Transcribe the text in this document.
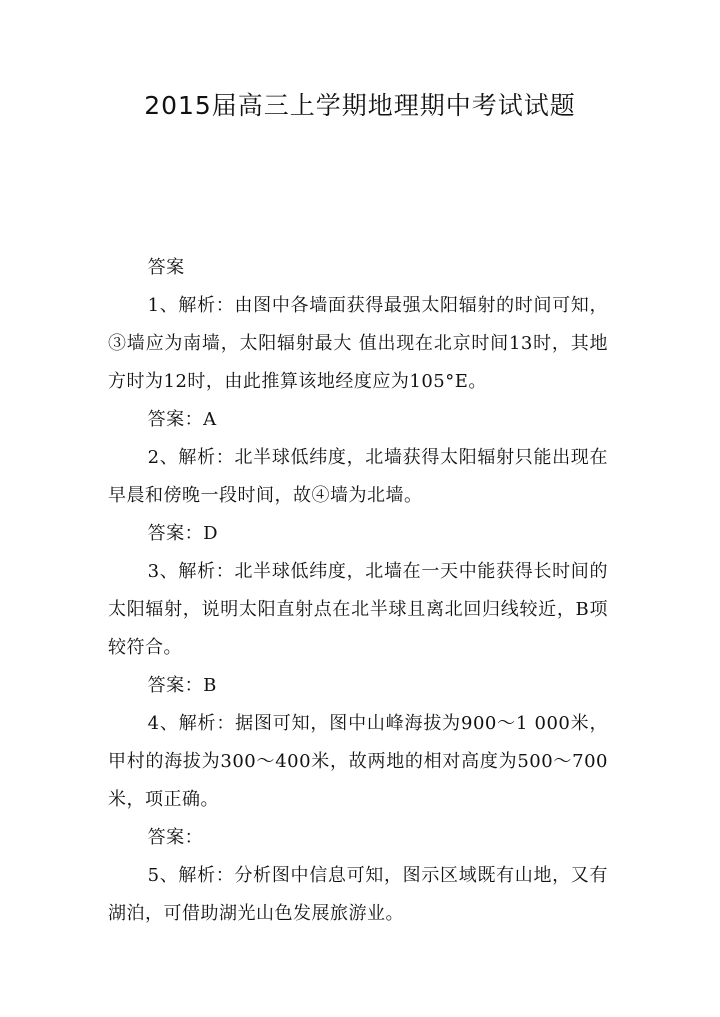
2015届高三上学期地理期中考试试题

答案

1、解析：由图中各墙面获得最强太阳辐射的时间可知，③墙应为南墙，太阳辐射最大 值出现在北京时间13时，其地方时为12时，由此推算该地经度应为105°E。

答案：A

2、解析：北半球低纬度，北墙获得太阳辐射只能出现在早晨和傍晚一段时间，故④墙为北墙。

答案：D

3、解析：北半球低纬度，北墙在一天中能获得长时间的太阳辐射，说明太阳直射点在北半球且离北回归线较近，B项较符合。

答案：B

4、解析：据图可知，图中山峰海拔为900～1 000米，甲村的海拔为300～400米，故两地的相对高度为500～700米，项正确。

答案：

5、解析：分析图中信息可知，图示区域既有山地，又有湖泊，可借助湖光山色发展旅游业。
